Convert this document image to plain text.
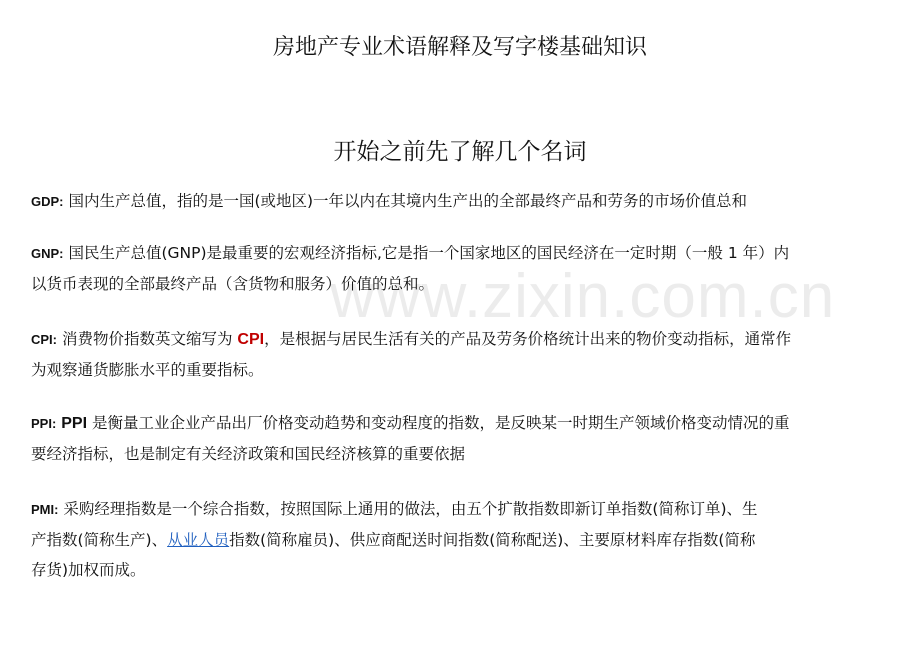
www.zixin.com.cn
房地产专业术语解释及写字楼基础知识
开始之前先了解几个名词
GDP: 国内生产总值，指的是一国(或地区)一年以内在其境内生产出的全部最终产品和劳务的市场价值总和
GNP: 国民生产总值(GNP)是最重要的宏观经济指标,它是指一个国家地区的国民经济在一定时期（一般 1 年）内
以货币表现的全部最终产品（含货物和服务）价值的总和。
CPI: 消费物价指数英文缩写为 CPI，是根据与居民生活有关的产品及劳务价格统计出来的物价变动指标，通常作
为观察通货膨胀水平的重要指标。
PPI: PPI 是衡量工业企业产品出厂价格变动趋势和变动程度的指数，是反映某一时期生产领域价格变动情况的重
要经济指标，也是制定有关经济政策和国民经济核算的重要依据
PMI: 采购经理指数是一个综合指数，按照国际上通用的做法，由五个扩散指数即新订单指数(简称订单)、生
产指数(简称生产)、从业人员指数(简称雇员)、供应商配送时间指数(简称配送)、主要原材料库存指数(简称
存货)加权而成。
